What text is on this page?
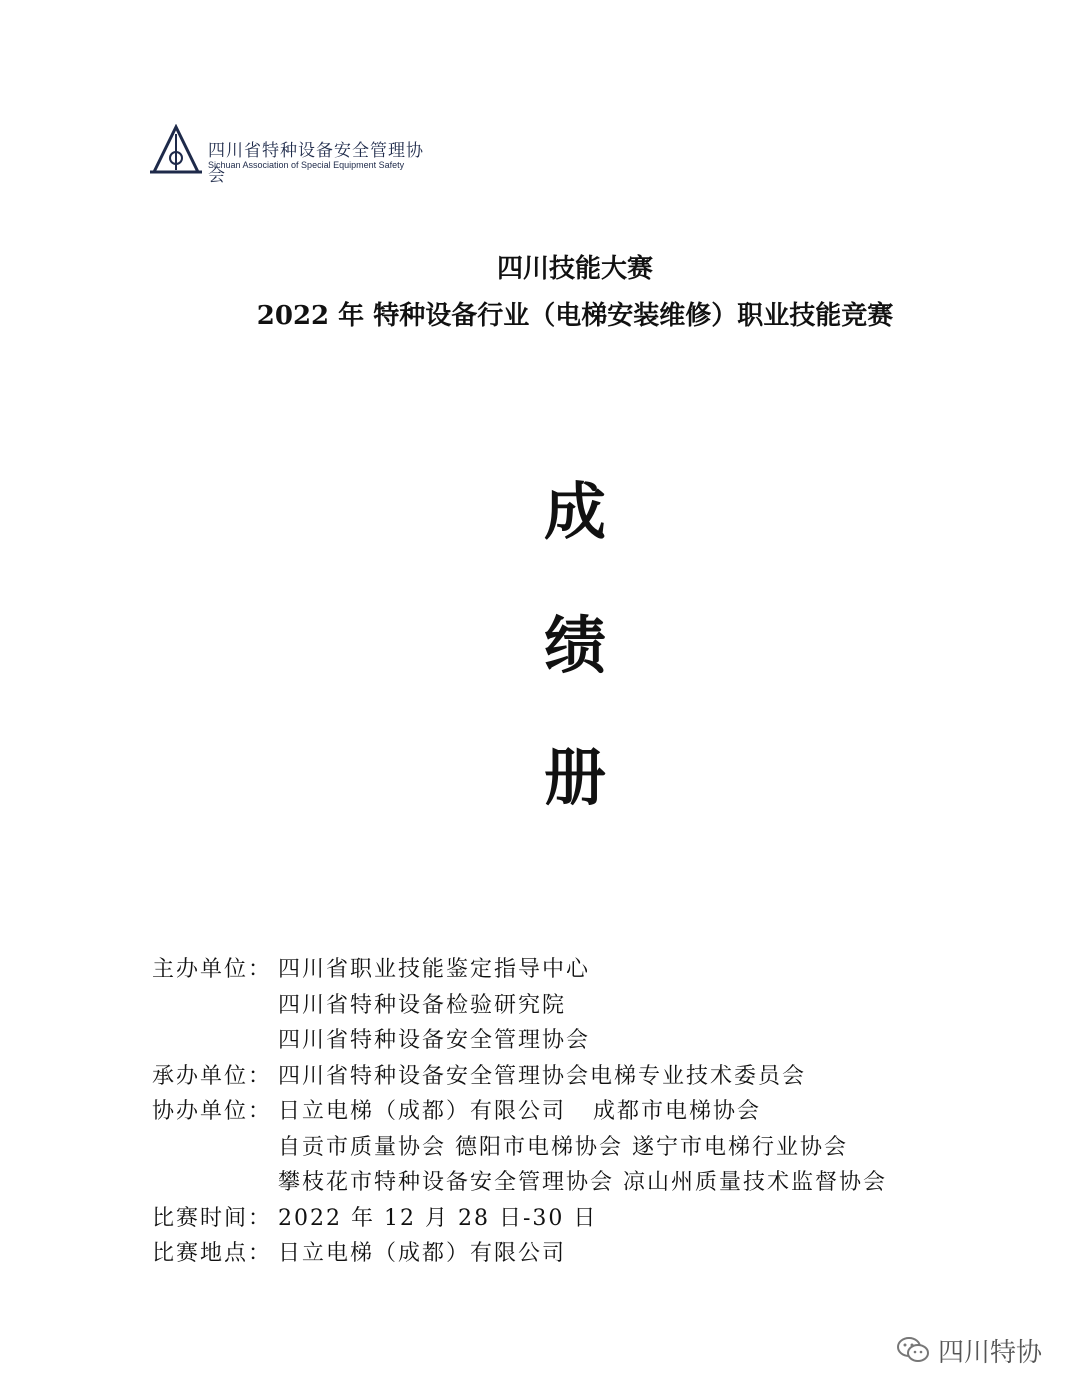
四川省特种设备安全管理协会
Sichuan Association of Special Equipment Safety
四川技能大赛
2022 年 特种设备行业（电梯安装维修）职业技能竞赛
成
绩
册
主办单位： 四川省职业技能鉴定指导中心
四川省特种设备检验研究院
四川省特种设备安全管理协会
承办单位： 四川省特种设备安全管理协会电梯专业技术委员会
协办单位： 日立电梯（成都）有限公司   成都市电梯协会
自贡市质量协会 德阳市电梯协会 遂宁市电梯行业协会
攀枝花市特种设备安全管理协会 凉山州质量技术监督协会
比赛时间： 2022 年 12 月 28 日-30 日
比赛地点： 日立电梯（成都）有限公司
四川特协
